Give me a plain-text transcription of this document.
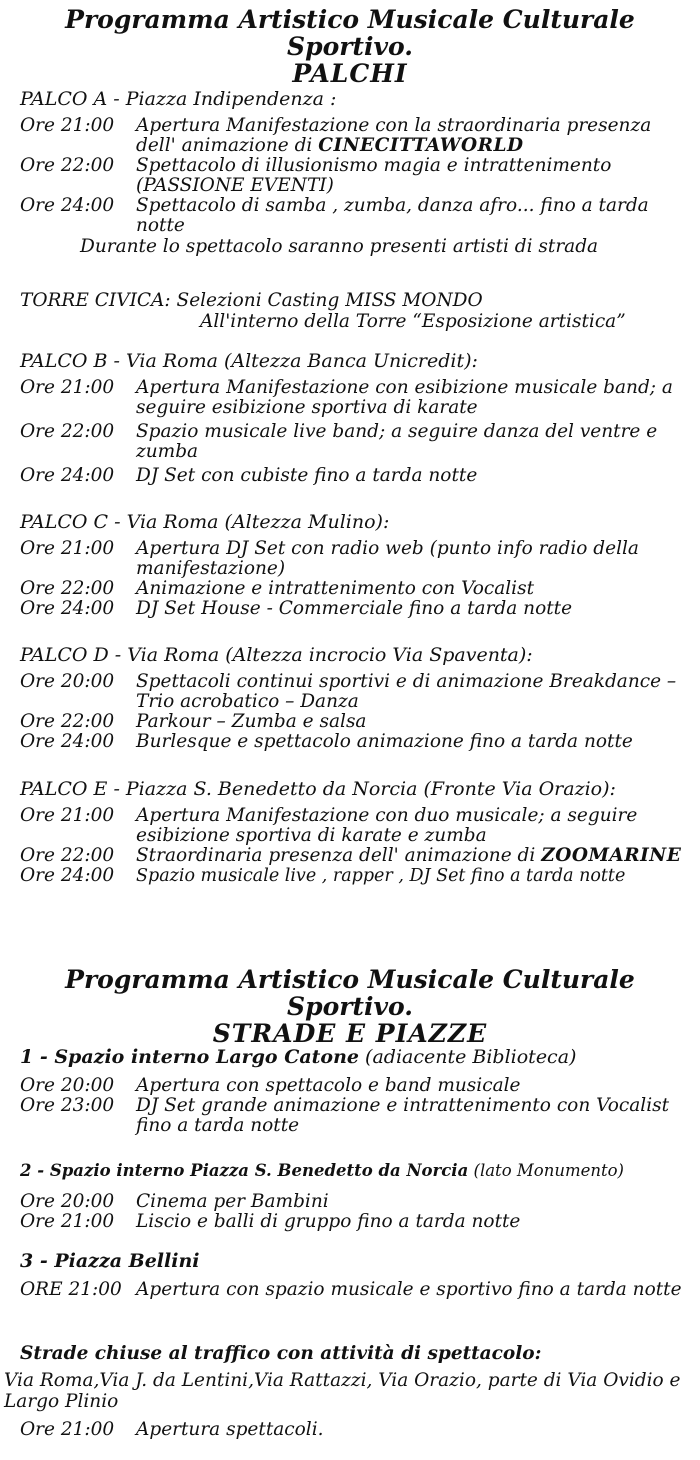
Programma Artistico Musicale Culturale Sportivo.
PALCHI

PALCO A - Piazza Indipendenza :

Ore 21:00	Apertura Manifestazione con la straordinaria presenza dell' animazione di CINECITTAWORLD
Ore 22:00	Spettacolo di illusionismo magia e intrattenimento (PASSIONE EVENTI)
Ore 24:00	Spettacolo di samba , zumba, danza afro... fino a tarda notte

Durante lo spettacolo saranno presenti artisti di strada

TORRE CIVICA: Selezioni Casting MISS MONDO
All'interno della Torre “Esposizione artistica”

PALCO B - Via Roma (Altezza Banca Unicredit):

Ore 21:00	Apertura Manifestazione con esibizione musicale band; a seguire esibizione sportiva di karate
Ore 22:00	Spazio musicale live band; a seguire danza del ventre e zumba
Ore 24:00	DJ Set con cubiste fino a tarda notte

PALCO C - Via Roma (Altezza Mulino):

Ore 21:00	Apertura DJ Set con radio web (punto info radio della manifestazione)
Ore 22:00	Animazione e intrattenimento con Vocalist
Ore 24:00	DJ Set House - Commerciale fino a tarda notte

PALCO D - Via Roma (Altezza incrocio Via Spaventa):

Ore 20:00	Spettacoli continui sportivi e di animazione Breakdance – Trio acrobatico – Danza
Ore 22:00	Parkour – Zumba e salsa
Ore 24:00	Burlesque e spettacolo animazione fino a tarda notte

PALCO E - Piazza S. Benedetto da Norcia (Fronte Via Orazio):

Ore 21:00	Apertura Manifestazione con duo musicale; a seguire esibizione sportiva di karate e zumba
Ore 22:00	Straordinaria presenza dell' animazione di ZOOMARINE
Ore 24:00	Spazio musicale live , rapper , DJ Set fino a tarda notte
Programma Artistico Musicale Culturale Sportivo.
STRADE E PIAZZE

1 - Spazio interno Largo Catone (adiacente Biblioteca)

Ore 20:00	Apertura con spettacolo e band musicale
Ore 23:00	DJ Set grande animazione e intrattenimento con Vocalist fino a tarda notte

2 - Spazio interno Piazza S. Benedetto da Norcia (lato Monumento)

Ore 20:00	Cinema per Bambini
Ore 21:00	Liscio e balli di gruppo fino a tarda notte

3 - Piazza Bellini

ORE 21:00 Apertura con spazio musicale e sportivo fino a tarda notte

Strade chiuse al traffico con attività di spettacolo:

Via Roma,Via J. da Lentini,Via Rattazzi, Via Orazio, parte di Via Ovidio e Largo Plinio

Ore 21:00	Apertura spettacoli.
